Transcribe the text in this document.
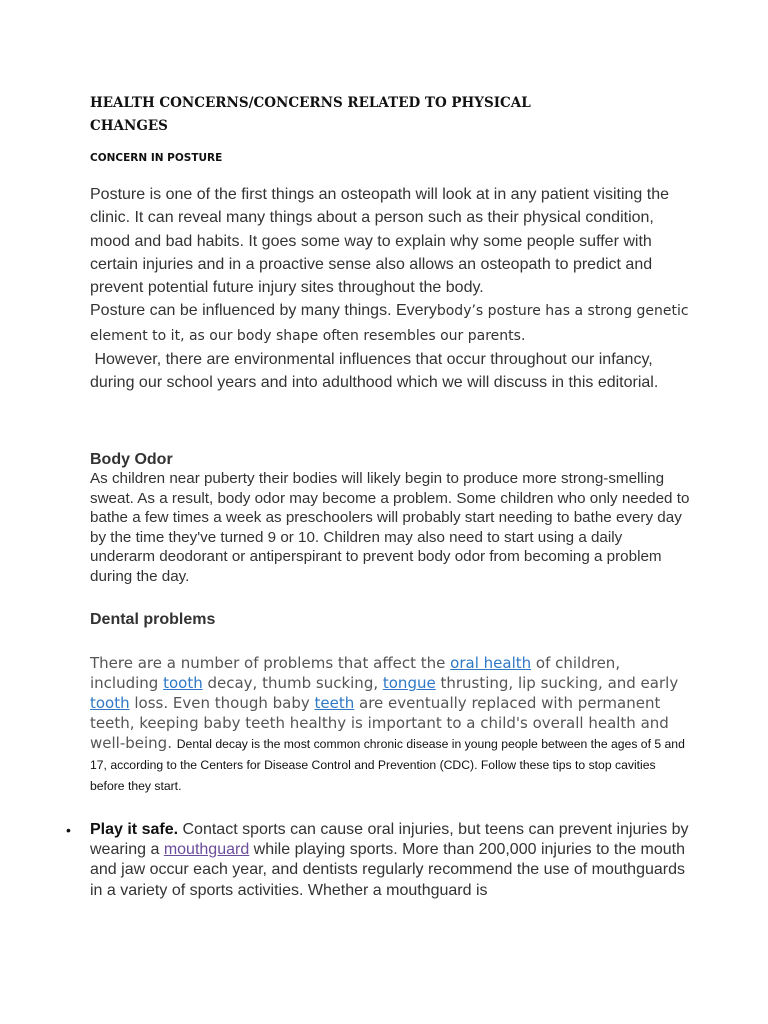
HEALTH CONCERNS/CONCERNS RELATED TO PHYSICAL
CHANGES
CONCERN IN POSTURE

Posture is one of the first things an osteopath will look at in any patient visiting the clinic. It can reveal many things about a person such as their physical condition, mood and bad habits. It goes some way to explain why some people suffer with certain injuries and in a proactive sense also allows an osteopath to predict and prevent potential future injury sites throughout the body.

Posture can be influenced by many things. Everybody’s posture has a strong genetic element to it, as our body shape often resembles our parents.

However, there are environmental influences that occur throughout our infancy, during our school years and into adulthood which we will discuss in this editorial.

Body Odor

As children near puberty their bodies will likely begin to produce more strong-smelling sweat. As a result, body odor may become a problem. Some children who only needed to bathe a few times a week as preschoolers will probably start needing to bathe every day by the time they've turned 9 or 10. Children may also need to start using a daily underarm deodorant or antiperspirant to prevent body odor from becoming a problem during the day.

Dental problems

There are a number of problems that affect the oral health of children, including tooth decay, thumb sucking, tongue thrusting, lip sucking, and early tooth loss. Even though baby teeth are eventually replaced with permanent teeth, keeping baby teeth healthy is important to a child's overall health and well-being. Dental decay is the most common chronic disease in young people between the ages of 5 and 17, according to the Centers for Disease Control and Prevention (CDC). Follow these tips to stop cavities before they start.

• Play it safe. Contact sports can cause oral injuries, but teens can prevent injuries by wearing a mouthguard while playing sports. More than 200,000 injuries to the mouth and jaw occur each year, and dentists regularly recommend the use of mouthguards in a variety of sports activities. Whether a mouthguard is
